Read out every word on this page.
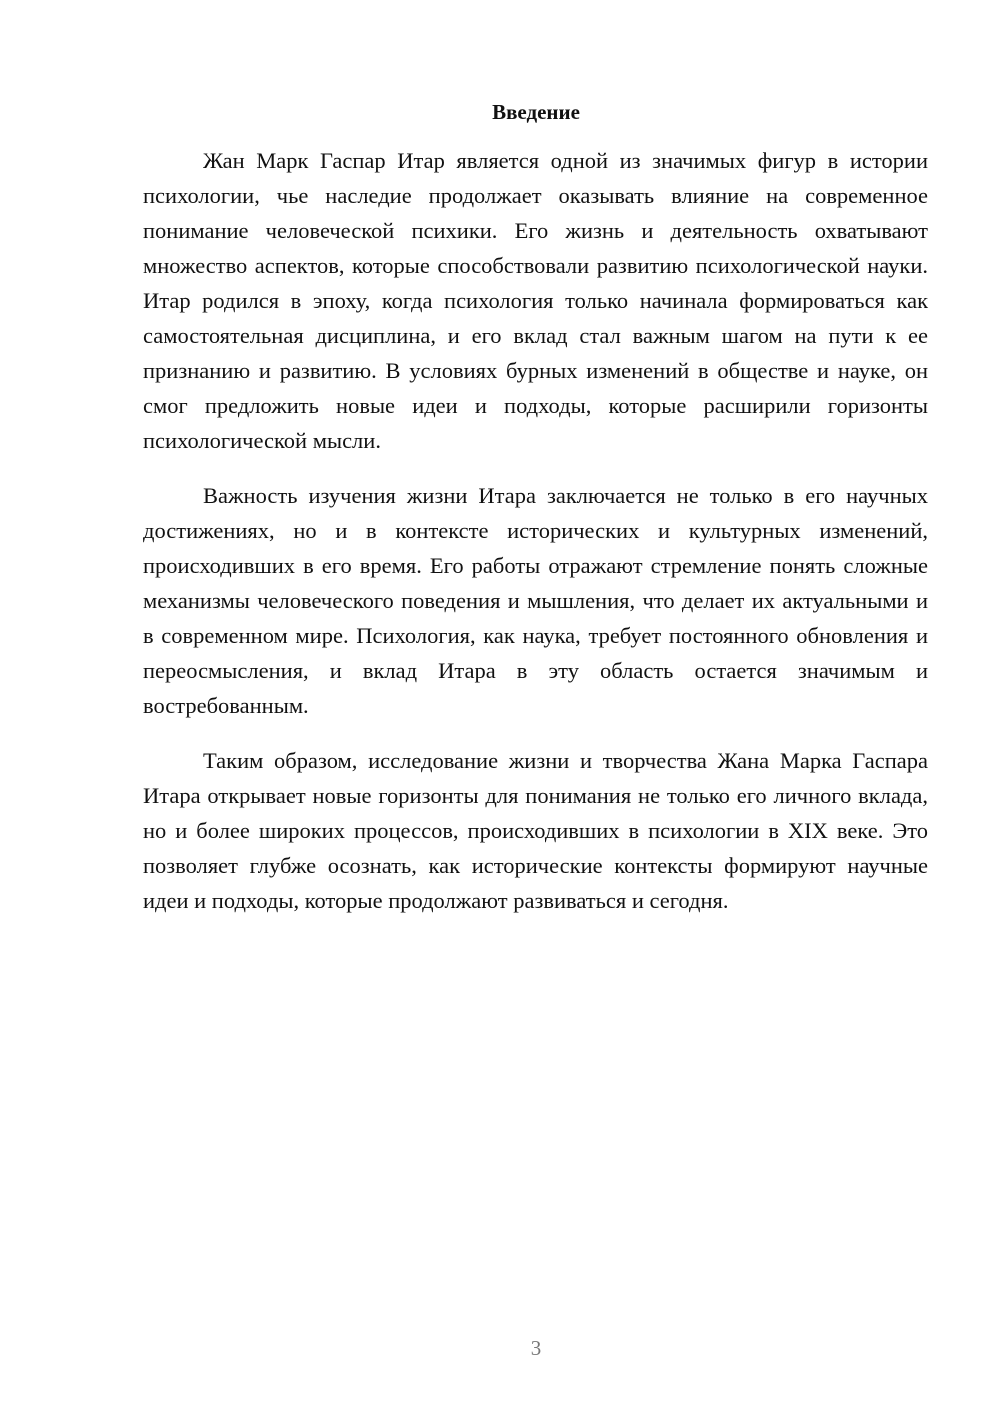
Введение

Жан Марк Гаспар Итар является одной из значимых фигур в истории психологии, чье наследие продолжает оказывать влияние на современное понимание человеческой психики. Его жизнь и деятельность охватывают множество аспектов, которые способствовали развитию психологической науки. Итар родился в эпоху, когда психология только начинала формироваться как самостоятельная дисциплина, и его вклад стал важным шагом на пути к ее признанию и развитию. В условиях бурных изменений в обществе и науке, он смог предложить новые идеи и подходы, которые расширили горизонты психологической мысли.

Важность изучения жизни Итара заключается не только в его научных достижениях, но и в контексте исторических и культурных изменений, происходивших в его время. Его работы отражают стремление понять сложные механизмы человеческого поведения и мышления, что делает их актуальными и в современном мире. Психология, как наука, требует постоянного обновления и переосмысления, и вклад Итара в эту область остается значимым и востребованным.

Таким образом, исследование жизни и творчества Жана Марка Гаспара Итара открывает новые горизонты для понимания не только его личного вклада, но и более широких процессов, происходивших в психологии в XIX веке. Это позволяет глубже осознать, как исторические контексты формируют научные идеи и подходы, которые продолжают развиваться и сегодня.

3
